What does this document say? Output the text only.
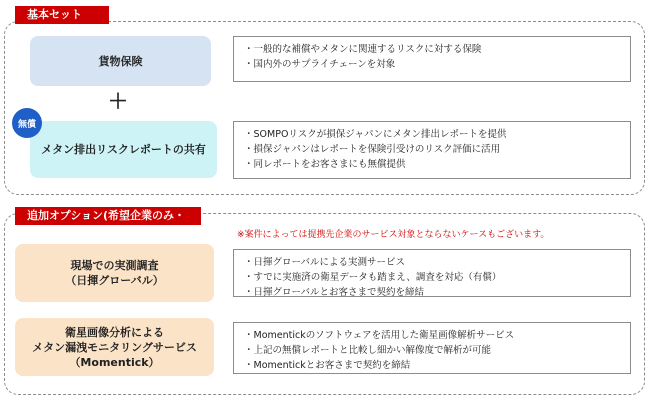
基本セット
貨物保険
・ 一般的な補償やメタンに関連するリスクに対する保険
・ 国内外のサプライチェーンを対象
＋
メタン排出リスクレポートの共有
無償
・ SOMPOリスクが損保ジャパンにメタン排出レポートを提供
・ 損保ジャパンはレポートを保険引受けのリスク評価に活用
・ 同レポートをお客さまにも無償提供
追加オプション(希望企業のみ・有償)	※案件によっては提携先企業のサービス対象とならないケースもございます。
現場での実測調査
（日揮グローバル）
・ 日揮グローバルによる実測サービス
・ すでに実施済の衛星データも踏まえ、調査を対応（有償）
・ 日揮グローバルとお客さまで契約を締結
衛星画像分析による
メタン漏洩モニタリングサービス
（Momentick）
・ Momentickのソフトウェアを活用した衛星画像解析サービス
・ 上記の無償レポートと比較し細かい解像度で解析が可能
・ Momentickとお客さまで契約を締結
